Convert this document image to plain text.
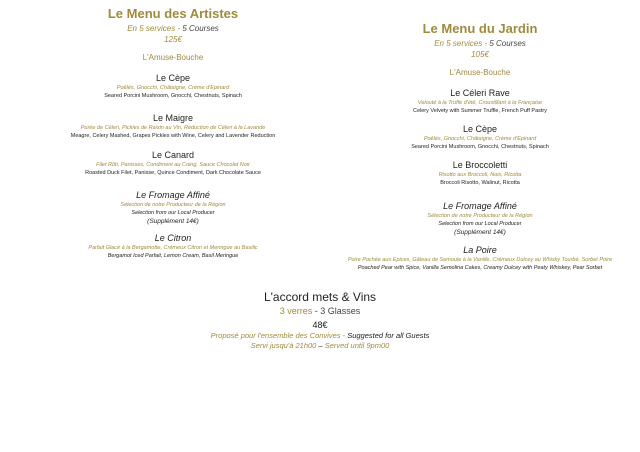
Le Menu des Artistes
En 5 services - 5 Courses
125€
L'Amuse-Bouche
Le Cèpe
Poêlés, Gnocchi, Châtaigne, Crème d'Epinard
Seared Porcini Mushroom, Gnocchi, Chestnuts, Spinach
Le Maigre
Purée de Céleri, Pickles de Raisin au Vin, Réduction de Céleri à la Lavande
Meagre, Celery Mashed, Grapes Pickles with Wine, Celery and Lavender Reduction
Le Canard
Filet Rôti, Panisses, Condiment au Coing, Sauce Chocolat Noir
Roasted Duck Filet, Panisse, Quince Condiment, Dark Chocolate Sauce
Le Fromage Affiné
Sélection de notre Producteur de la Région
Selection from our Local Producer
(Supplément 14€)
Le Citron
Parfait Glacé à la Bergamotte, Crémeux Citron et Meringue au Basilic
Bergamot Iced Parfait, Lemon Cream, Basil Meringue
Le Menu du Jardin
En 5 services - 5 Courses
105€
L'Amuse-Bouche
Le Céleri Rave
Velouté à la Truffe d'été, Croustillant à la Française
Celery Velvety with Summer Truffle, French Puff Pastry
Le Cèpe
Poêlés, Gnocchi, Châtaigne, Crème d'Epinard
Seared Porcini Mushroom, Gnocchi, Chestnuts, Spinach
Le Broccoletti
Risotto aux Broccoli, Noix, Ricotta
Broccoli Risotto, Walinut, Ricotta
Le Fromage Affiné
Sélection de notre Producteur de la Région
Selection from our Local Producer
(Supplément 14€)
La Poire
Poire Pochée aux Epices, Gâteau de Semoule à la Vanille, Crémeux Dulcey au Whisky Tourbé, Sorbet Poire
Poached Pear with Spice, Vanilla Semolina Cakes, Creamy Dulcey with Peaty Whiskey, Pear Sorbet
L'accord mets & Vins
3 verres - 3 Glasses
48€
Proposé pour l'ensemble des Convives - Suggested for all Guests
Servi jusqu'à 21h00 – Served until 9pm00
